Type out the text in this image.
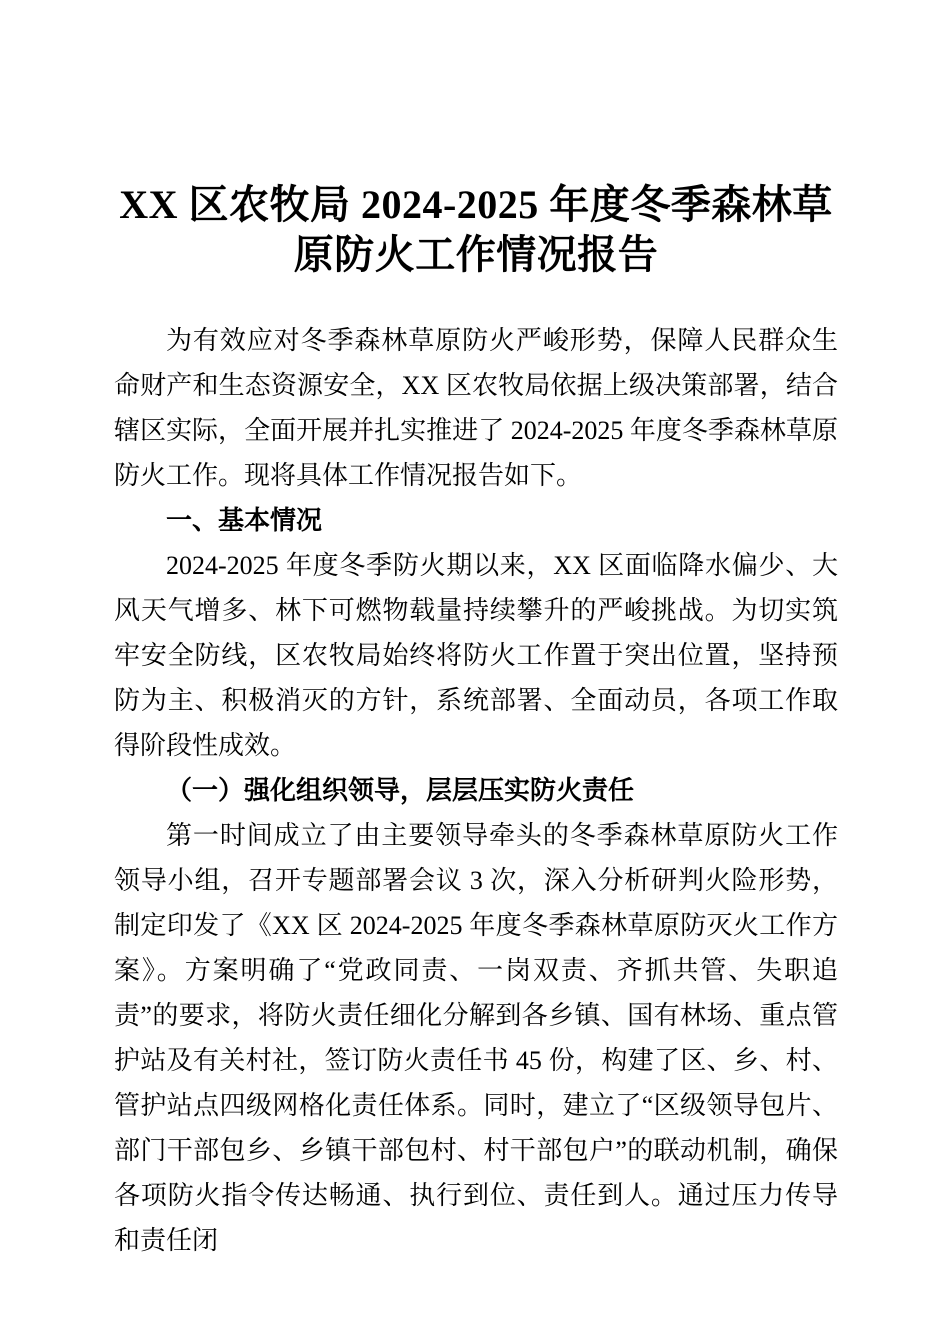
XX 区农牧局 2024-2025 年度冬季森林草
原防火工作情况报告

为有效应对冬季森林草原防火严峻形势，保障人民群众生命财产和生态资源安全，XX 区农牧局依据上级决策部署，结合辖区实际，全面开展并扎实推进了 2024-2025 年度冬季森林草原防火工作。现将具体工作情况报告如下。

一、基本情况

2024-2025 年度冬季防火期以来，XX 区面临降水偏少、大风天气增多、林下可燃物载量持续攀升的严峻挑战。为切实筑牢安全防线，区农牧局始终将防火工作置于突出位置，坚持预防为主、积极消灭的方针，系统部署、全面动员，各项工作取得阶段性成效。

（一）强化组织领导，层层压实防火责任

第一时间成立了由主要领导牵头的冬季森林草原防火工作领导小组，召开专题部署会议 3 次，深入分析研判火险形势，制定印发了《XX 区 2024-2025 年度冬季森林草原防灭火工作方案》。方案明确了“党政同责、一岗双责、齐抓共管、失职追责”的要求，将防火责任细化分解到各乡镇、国有林场、重点管护站及有关村社，签订防火责任书 45 份，构建了区、乡、村、管护站点四级网格化责任体系。同时，建立了“区级领导包片、部门干部包乡、乡镇干部包村、村干部包户”的联动机制，确保各项防火指令传达畅通、执行到位、责任到人。通过压力传导和责任闭
